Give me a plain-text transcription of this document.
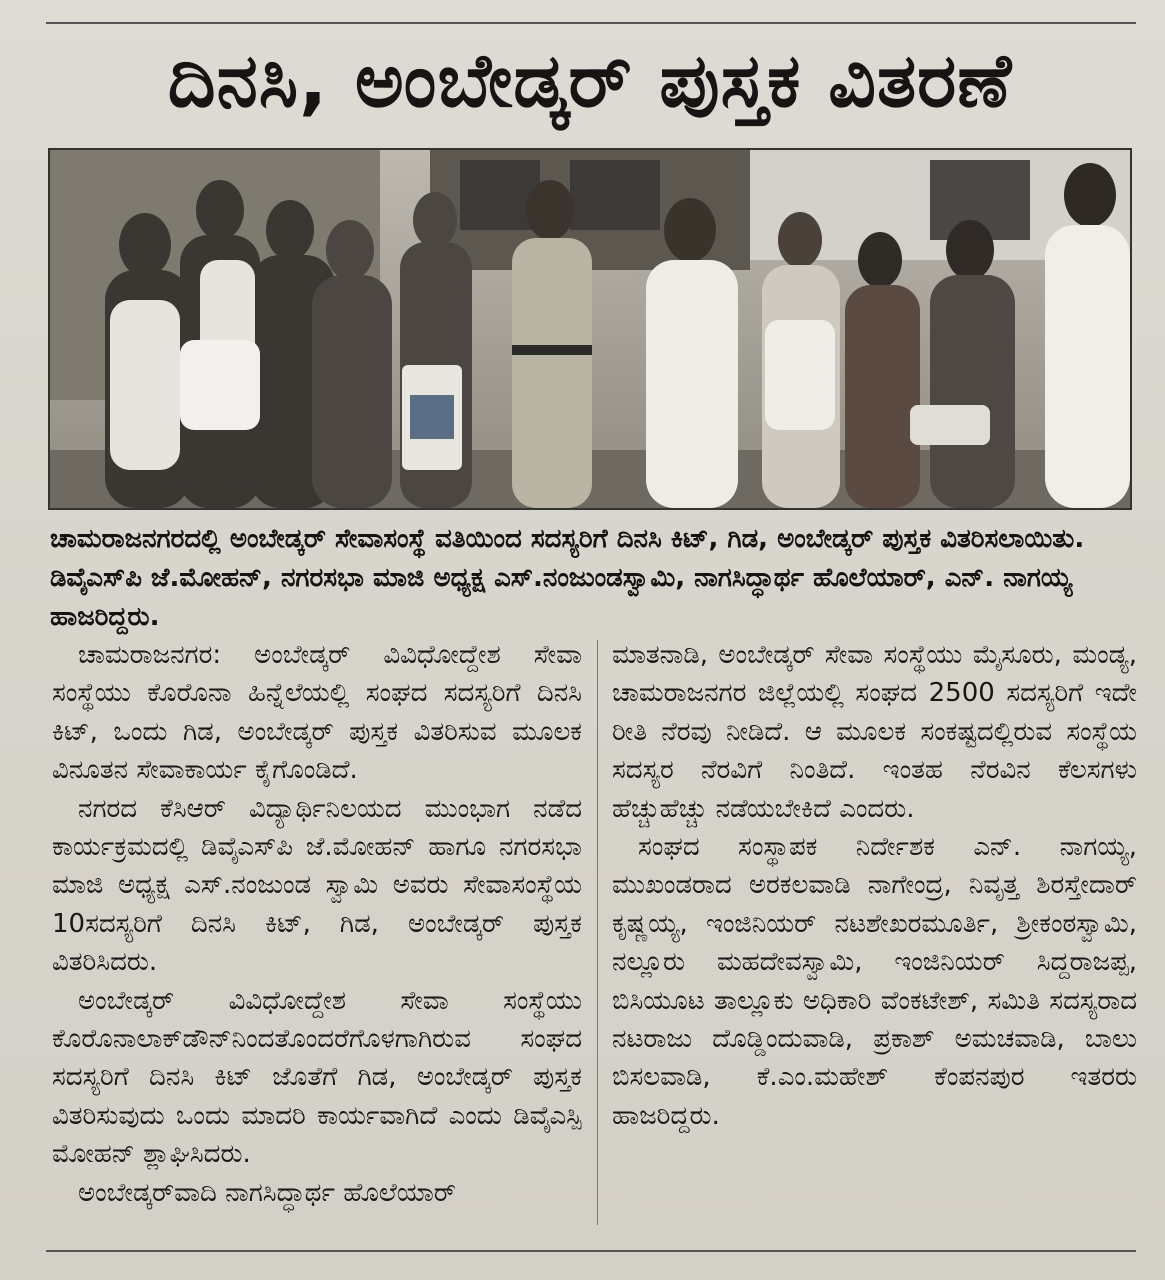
ದಿನಸಿ, ಅಂಬೇಡ್ಕರ್ ಪುಸ್ತಕ ವಿತರಣೆ

ಚಾಮರಾಜನಗರದಲ್ಲಿ ಅಂಬೇಡ್ಕರ್ ಸೇವಾಸಂಸ್ಥೆ ವತಿಯಿಂದ ಸದಸ್ಯರಿಗೆ ದಿನಸಿ ಕಿಟ್, ಗಿಡ, ಅಂಬೇಡ್ಕರ್ ಪುಸ್ತಕ ವಿತರಿಸಲಾಯಿತು. ಡಿವೈಎಸ್‌ಪಿ ಜೆ.ಮೋಹನ್, ನಗರಸಭಾ ಮಾಜಿ ಅಧ್ಯಕ್ಷ ಎಸ್.ನಂಜುಂಡಸ್ವಾಮಿ, ನಾಗಸಿದ್ಧಾರ್ಥ ಹೊಲೆಯಾರ್, ಎನ್. ನಾಗಯ್ಯ ಹಾಜರಿದ್ದರು.

ಚಾಮರಾಜನಗರ: ಅಂಬೇಡ್ಕರ್ ವಿವಿಧೋದ್ದೇಶ ಸೇವಾ ಸಂಸ್ಥೆಯು ಕೊರೊನಾ ಹಿನ್ನೆಲೆಯಲ್ಲಿ ಸಂಘದ ಸದಸ್ಯರಿಗೆ ದಿನಸಿ ಕಿಟ್, ಒಂದು ಗಿಡ, ಅಂಬೇಡ್ಕರ್ ಪುಸ್ತಕ ವಿತರಿಸುವ ಮೂಲಕ ವಿನೂತನ ಸೇವಾಕಾರ್ಯ ಕೈಗೊಂಡಿದೆ.

ನಗರದ ಕೆಸಿಆರ್ ವಿದ್ಯಾರ್ಥಿನಿಲಯದ ಮುಂಭಾಗ ನಡೆದ ಕಾರ್ಯಕ್ರಮದಲ್ಲಿ ಡಿವೈಎಸ್‌ಪಿ ಜೆ.ಮೋಹನ್ ಹಾಗೂ ನಗರಸಭಾ ಮಾಜಿ ಅಧ್ಯಕ್ಷ ಎಸ್.ನಂಜುಂಡ ಸ್ವಾಮಿ ಅವರು ಸೇವಾಸಂಸ್ಥೆಯ 10ಸದಸ್ಯರಿಗೆ ದಿನಸಿ ಕಿಟ್, ಗಿಡ, ಅಂಬೇಡ್ಕರ್ ಪುಸ್ತಕ ವಿತರಿಸಿದರು.

ಅಂಬೇಡ್ಕರ್ ವಿವಿಧೋದ್ದೇಶ ಸೇವಾ ಸಂಸ್ಥೆಯು ಕೊರೊನಾಲಾಕ್‌ಡೌನ್‌ನಿಂದತೊಂದರೆಗೊಳಗಾಗಿರುವ ಸಂಘದ ಸದಸ್ಯರಿಗೆ ದಿನಸಿ ಕಿಟ್ ಜೊತೆಗೆ ಗಿಡ, ಅಂಬೇಡ್ಕರ್ ಪುಸ್ತಕ ವಿತರಿಸುವುದು ಒಂದು ಮಾದರಿ ಕಾರ್ಯವಾಗಿದೆ ಎಂದು ಡಿವೈಎಸ್ಪಿ ಮೋಹನ್ ಶ್ಲಾಘಿಸಿದರು.

ಅಂಬೇಡ್ಕರ್‌ವಾದಿ ನಾಗಸಿದ್ಧಾರ್ಥ ಹೊಲೆಯಾರ್

ಮಾತನಾಡಿ, ಅಂಬೇಡ್ಕರ್ ಸೇವಾ ಸಂಸ್ಥೆಯು ಮೈಸೂರು, ಮಂಡ್ಯ, ಚಾಮರಾಜನಗರ ಜಿಲ್ಲೆಯಲ್ಲಿ ಸಂಘದ 2500 ಸದಸ್ಯರಿಗೆ ಇದೇ ರೀತಿ ನೆರವು ನೀಡಿದೆ. ಆ ಮೂಲಕ ಸಂಕಷ್ಟದಲ್ಲಿರುವ ಸಂಸ್ಥೆಯ ಸದಸ್ಯರ ನೆರವಿಗೆ ನಿಂತಿದೆ. ಇಂತಹ ನೆರವಿನ ಕೆಲಸಗಳು ಹೆಚ್ಚುಹೆಚ್ಚು ನಡೆಯಬೇಕಿದೆ ಎಂದರು.

ಸಂಘದ ಸಂಸ್ಥಾಪಕ ನಿರ್ದೇಶಕ ಎನ್. ನಾಗಯ್ಯ, ಮುಖಂಡರಾದ ಅರಕಲವಾಡಿ ನಾಗೇಂದ್ರ, ನಿವೃತ್ತ ಶಿರಸ್ತೇದಾರ್ ಕೃಷ್ಣಯ್ಯ, ಇಂಜಿನಿಯರ್ ನಟಶೇಖರಮೂರ್ತಿ, ಶ್ರೀಕಂಠಸ್ವಾಮಿ, ನಲ್ಲೂರು ಮಹದೇವಸ್ವಾಮಿ, ಇಂಜಿನಿಯರ್ ಸಿದ್ದರಾಜಪ್ಪ, ಬಿಸಿಯೂಟ ತಾಲ್ಲೂಕು ಅಧಿಕಾರಿ ವೆಂಕಟೇಶ್, ಸಮಿತಿ ಸದಸ್ಯರಾದ ನಟರಾಜು ದೊಡ್ಡಿಂದುವಾಡಿ, ಪ್ರಕಾಶ್ ಅಮಚವಾಡಿ, ಬಾಲು ಬಿಸಲವಾಡಿ, ಕೆ.ಎಂ.ಮಹೇಶ್ ಕೆಂಪನಪುರ ಇತರರು ಹಾಜರಿದ್ದರು.
